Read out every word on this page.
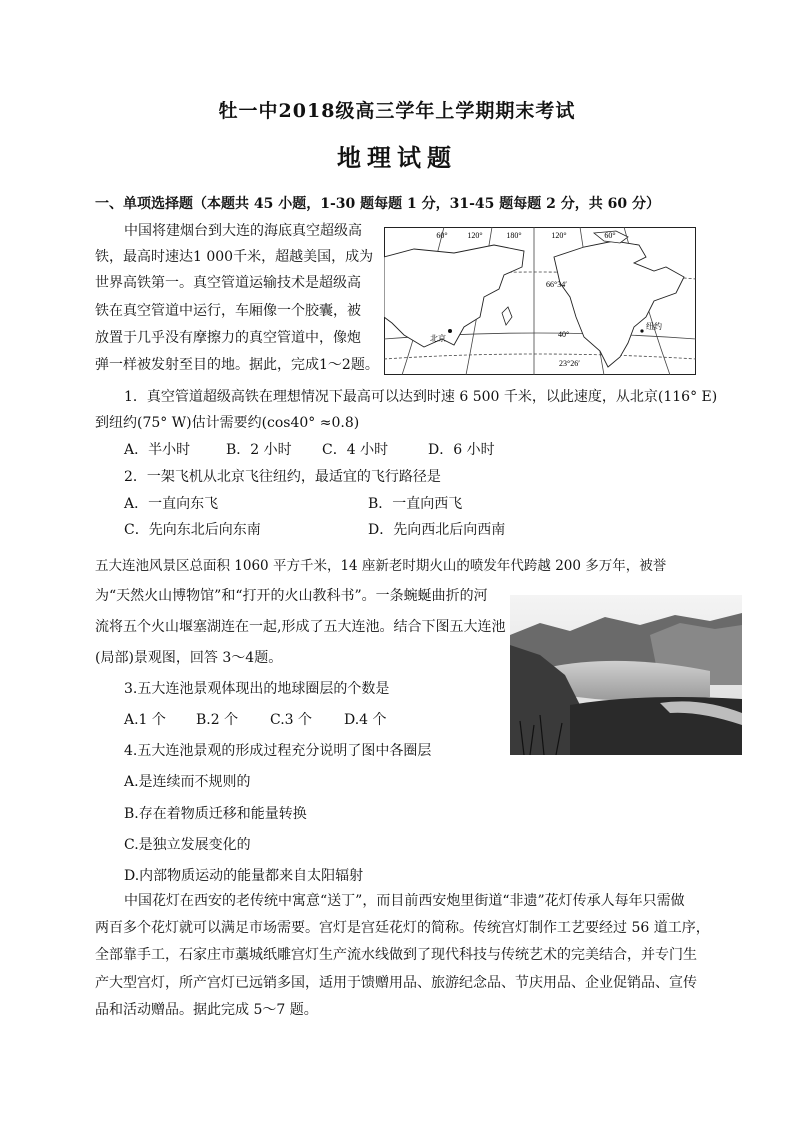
牡一中2018级高三学年上学期期末考试
地理试题
一、单项选择题（本题共 45 小题，1-30 题每题 1 分，31-45 题每题 2 分，共 60 分）
中国将建烟台到大连的海底真空超级高
铁，最高时速达1 000千米，超越美国，成为
世界高铁第一。真空管道运输技术是超级高
铁在真空管道中运行，车厢像一个胶囊，被
放置于几乎没有摩擦力的真空管道中，像炮
弹一样被发射至目的地。据此，完成1～2题。
60° 120°	180°	120°	60°
66°34′
40°
23°26′
北京
纽约
1．真空管道超级高铁在理想情况下最高可以达到时速 6 500 千米，以此速度，从北京(116° E)
到纽约(75° W)估计需要约(cos40° ≈0.8)
A．半小时	B．2 小时 C．4 小时	D．6 小时
2．一架飞机从北京飞往纽约，最适宜的飞行路径是
A．一直向东飞	B．一直向西飞
C．先向东北后向东南	D．先向西北后向西南
五大连池风景区总面积 1060 平方千米，14 座新老时期火山的喷发年代跨越 200 多万年，被誉
为“天然火山博物馆”和“打开的火山教科书”。一条蜿蜒曲折的河
流将五个火山堰塞湖连在一起,形成了五大连池。结合下图五大连池
(局部)景观图，回答 3～4题。
3.五大连池景观体现出的地球圈层的个数是
A.1 个 B.2 个 C.3 个 D.4 个
4.五大连池景观的形成过程充分说明了图中各圈层
A.是连续而不规则的
B.存在着物质迁移和能量转换
C.是独立发展变化的
D.内部物质运动的能量都来自太阳辐射
中国花灯在西安的老传统中寓意“送丁”，而目前西安炮里街道“非遗”花灯传承人每年只需做
两百多个花灯就可以满足市场需要。宫灯是宫廷花灯的简称。传统宫灯制作工艺要经过 56 道工序，
全部靠手工，石家庄市藁城纸雕宫灯生产流水线做到了现代科技与传统艺术的完美结合，并专门生
产大型宫灯，所产宫灯已远销多国，适用于馈赠用品、旅游纪念品、节庆用品、企业促销品、宣传
品和活动赠品。据此完成 5～7 题。
